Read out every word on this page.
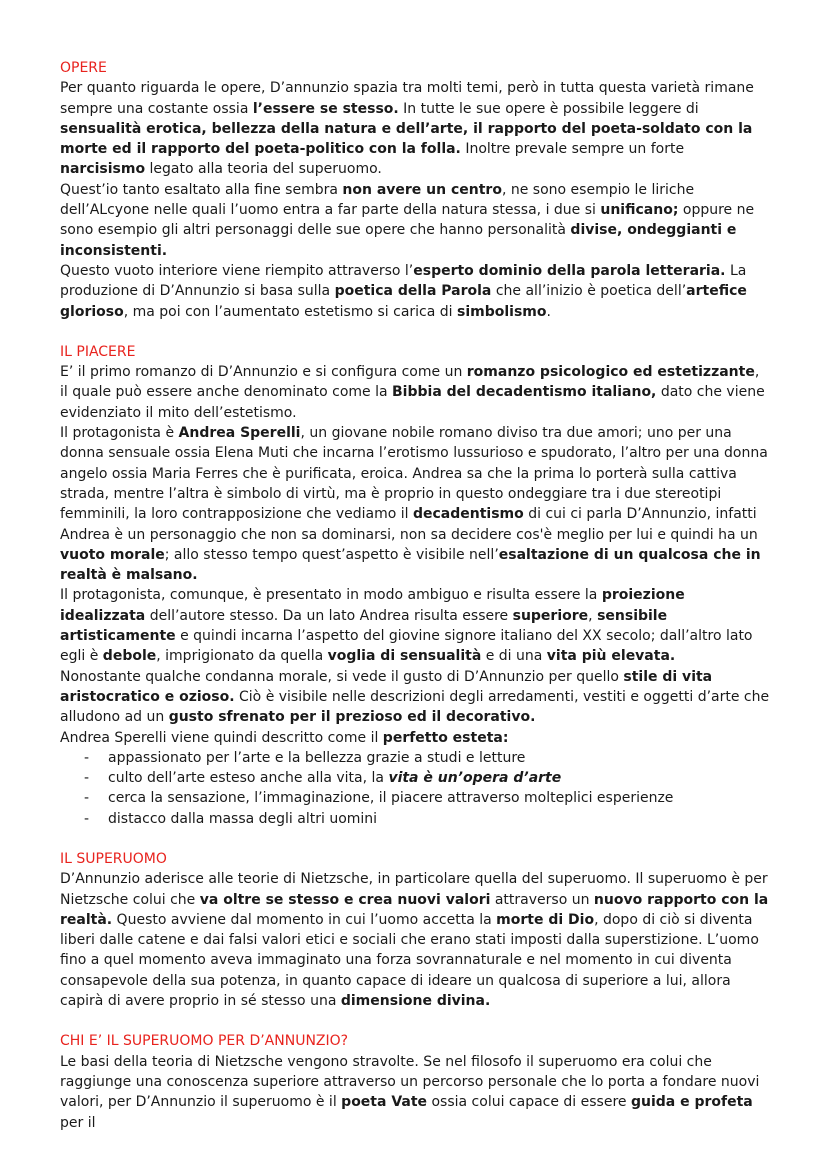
OPERE

Per quanto riguarda le opere, D’annunzio spazia tra molti temi, però in tutta questa varietà rimane sempre una costante ossia l’essere se stesso. In tutte le sue opere è possibile leggere di sensualità erotica, bellezza della natura e dell’arte, il rapporto del poeta-soldato con la morte ed il rapporto del poeta-politico con la folla. Inoltre prevale sempre un forte narcisismo legato alla teoria del superuomo.

Quest’io tanto esaltato alla fine sembra non avere un centro, ne sono esempio le liriche dell’ALcyone nelle quali l’uomo entra a far parte della natura stessa, i due si unificano; oppure ne sono esempio gli altri personaggi delle sue opere che hanno personalità divise, ondeggianti e inconsistenti.

Questo vuoto interiore viene riempito attraverso l’esperto dominio della parola letteraria. La produzione di D’Annunzio si basa sulla poetica della Parola che all’inizio è poetica dell’artefice glorioso, ma poi con l’aumentato estetismo si carica di simbolismo.

IL PIACERE

E’ il primo romanzo di D’Annunzio e si configura come un romanzo psicologico ed estetizzante, il quale può essere anche denominato come la Bibbia del decadentismo italiano, dato che viene evidenziato il mito dell’estetismo.

Il protagonista è Andrea Sperelli, un giovane nobile romano diviso tra due amori; uno per una donna sensuale ossia Elena Muti che incarna l’erotismo lussurioso e spudorato, l’altro per una donna angelo ossia Maria Ferres che è purificata, eroica. Andrea sa che la prima lo porterà sulla cattiva strada, mentre l’altra è simbolo di virtù, ma è proprio in questo ondeggiare tra i due stereotipi femminili, la loro contrapposizione che vediamo il decadentismo di cui ci parla D’Annunzio, infatti Andrea è un personaggio che non sa dominarsi, non sa decidere cos'è meglio per lui e quindi ha un vuoto morale; allo stesso tempo quest’aspetto è visibile nell’esaltazione di un qualcosa che in realtà è malsano.

Il protagonista, comunque, è presentato in modo ambiguo e risulta essere la proiezione idealizzata dell’autore stesso. Da un lato Andrea risulta essere superiore, sensibile artisticamente e quindi incarna l’aspetto del giovine signore italiano del XX secolo; dall’altro lato egli è debole, imprigionato da quella voglia di sensualità e di una vita più elevata.

Nonostante qualche condanna morale, si vede il gusto di D’Annunzio per quello stile di vita aristocratico e ozioso. Ciò è visibile nelle descrizioni degli arredamenti, vestiti e oggetti d’arte che alludono ad un gusto sfrenato per il prezioso ed il decorativo.

Andrea Sperelli viene quindi descritto come il perfetto esteta:

- appassionato per l’arte e la bellezza grazie a studi e letture
- culto dell’arte esteso anche alla vita, la vita è un’opera d’arte
- cerca la sensazione, l’immaginazione, il piacere attraverso molteplici esperienze
- distacco dalla massa degli altri uomini
IL SUPERUOMO

D’Annunzio aderisce alle teorie di Nietzsche, in particolare quella del superuomo. Il superuomo è per Nietzsche colui che va oltre se stesso e crea nuovi valori attraverso un nuovo rapporto con la realtà. Questo avviene dal momento in cui l’uomo accetta la morte di Dio, dopo di ciò si diventa liberi dalle catene e dai falsi valori etici e sociali che erano stati imposti dalla superstizione. L’uomo fino a quel momento aveva immaginato una forza sovrannaturale e nel momento in cui diventa consapevole della sua potenza, in quanto capace di ideare un qualcosa di superiore a lui, allora capirà di avere proprio in sé stesso una dimensione divina.

CHI E’ IL SUPERUOMO PER D’ANNUNZIO?

Le basi della teoria di Nietzsche vengono stravolte. Se nel filosofo il superuomo era colui che raggiunge una conoscenza superiore attraverso un percorso personale che lo porta a fondare nuovi valori, per D’Annunzio il superuomo è il poeta Vate ossia colui capace di essere guida e profeta per il
